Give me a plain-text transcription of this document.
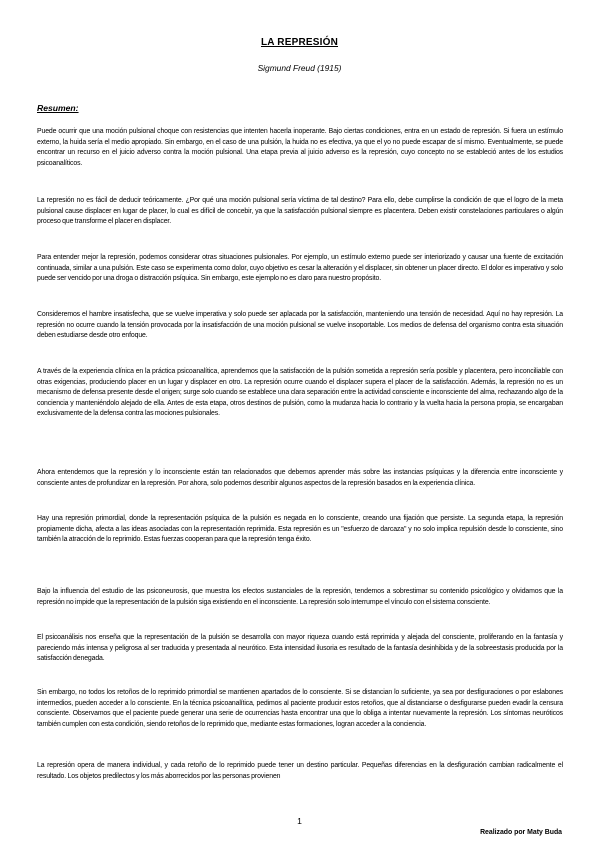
LA REPRESIÓN
Sigmund Freud (1915)
Resumen:
Puede ocurrir que una moción pulsional choque con resistencias que intenten hacerla inoperante. Bajo ciertas condiciones, entra en un estado de represión. Si fuera un estímulo externo, la huida sería el medio apropiado. Sin embargo, en el caso de una pulsión, la huida no es efectiva, ya que el yo no puede escapar de sí mismo. Eventualmente, se puede encontrar un recurso en el juicio adverso contra la moción pulsional. Una etapa previa al juicio adverso es la represión, cuyo concepto no se estableció antes de los estudios psicoanalíticos.
La represión no es fácil de deducir teóricamente. ¿Por qué una moción pulsional sería víctima de tal destino? Para ello, debe cumplirse la condición de que el logro de la meta pulsional cause displacer en lugar de placer, lo cual es difícil de concebir, ya que la satisfacción pulsional siempre es placentera. Deben existir constelaciones particulares o algún proceso que transforme el placer en displacer.
Para entender mejor la represión, podemos considerar otras situaciones pulsionales. Por ejemplo, un estímulo externo puede ser interiorizado y causar una fuente de excitación continuada, similar a una pulsión. Este caso se experimenta como dolor, cuyo objetivo es cesar la alteración y el displacer, sin obtener un placer directo. El dolor es imperativo y solo puede ser vencido por una droga o distracción psíquica. Sin embargo, este ejemplo no es claro para nuestro propósito.
Consideremos el hambre insatisfecha, que se vuelve imperativa y solo puede ser aplacada por la satisfacción, manteniendo una tensión de necesidad. Aquí no hay represión. La represión no ocurre cuando la tensión provocada por la insatisfacción de una moción pulsional se vuelve insoportable. Los medios de defensa del organismo contra esta situación deben estudiarse desde otro enfoque.
A través de la experiencia clínica en la práctica psicoanalítica, aprendemos que la satisfacción de la pulsión sometida a represión sería posible y placentera, pero inconciliable con otras exigencias, produciendo placer en un lugar y displacer en otro. La represión ocurre cuando el displacer supera el placer de la satisfacción. Además, la represión no es un mecanismo de defensa presente desde el origen; surge solo cuando se establece una clara separación entre la actividad consciente e inconsciente del alma, rechazando algo de la conciencia y manteniéndolo alejado de ella. Antes de esta etapa, otros destinos de pulsión, como la mudanza hacia lo contrario y la vuelta hacia la persona propia, se encargaban exclusivamente de la defensa contra las mociones pulsionales.
Ahora entendemos que la represión y lo inconsciente están tan relacionados que debemos aprender más sobre las instancias psíquicas y la diferencia entre inconsciente y consciente antes de profundizar en la represión. Por ahora, solo podemos describir algunos aspectos de la represión basados en la experiencia clínica.
Hay una represión primordial, donde la representación psíquica de la pulsión es negada en lo consciente, creando una fijación que persiste. La segunda etapa, la represión propiamente dicha, afecta a las ideas asociadas con la representación reprimida. Esta represión es un "esfuerzo de darcaza" y no solo implica repulsión desde lo consciente, sino también la atracción de lo reprimido. Estas fuerzas cooperan para que la represión tenga éxito.
Bajo la influencia del estudio de las psiconeurosis, que muestra los efectos sustanciales de la represión, tendemos a sobrestimar su contenido psicológico y olvidamos que la represión no impide que la representación de la pulsión siga existiendo en el inconsciente. La represión solo interrumpe el vínculo con el sistema consciente.
El psicoanálisis nos enseña que la representación de la pulsión se desarrolla con mayor riqueza cuando está reprimida y alejada del consciente, proliferando en la fantasía y pareciendo más intensa y peligrosa al ser traducida y presentada al neurótico. Esta intensidad ilusoria es resultado de la fantasía desinhibida y de la sobreestasis producida por la satisfacción denegada.
Sin embargo, no todos los retoños de lo reprimido primordial se mantienen apartados de lo consciente. Si se distancian lo suficiente, ya sea por desfiguraciones o por eslabones intermedios, pueden acceder a lo consciente. En la técnica psicoanalítica, pedimos al paciente producir estos retoños, que al distanciarse o desfigurarse pueden evadir la censura consciente. Observamos que el paciente puede generar una serie de ocurrencias hasta encontrar una que lo obliga a intentar nuevamente la represión. Los síntomas neuróticos también cumplen con esta condición, siendo retoños de lo reprimido que, mediante estas formaciones, logran acceder a la conciencia.
La represión opera de manera individual, y cada retoño de lo reprimido puede tener un destino particular. Pequeñas diferencias en la desfiguración cambian radicalmente el resultado. Los objetos predilectos y los más aborrecidos por las personas provienen
1
Realizado por Maty Buda
